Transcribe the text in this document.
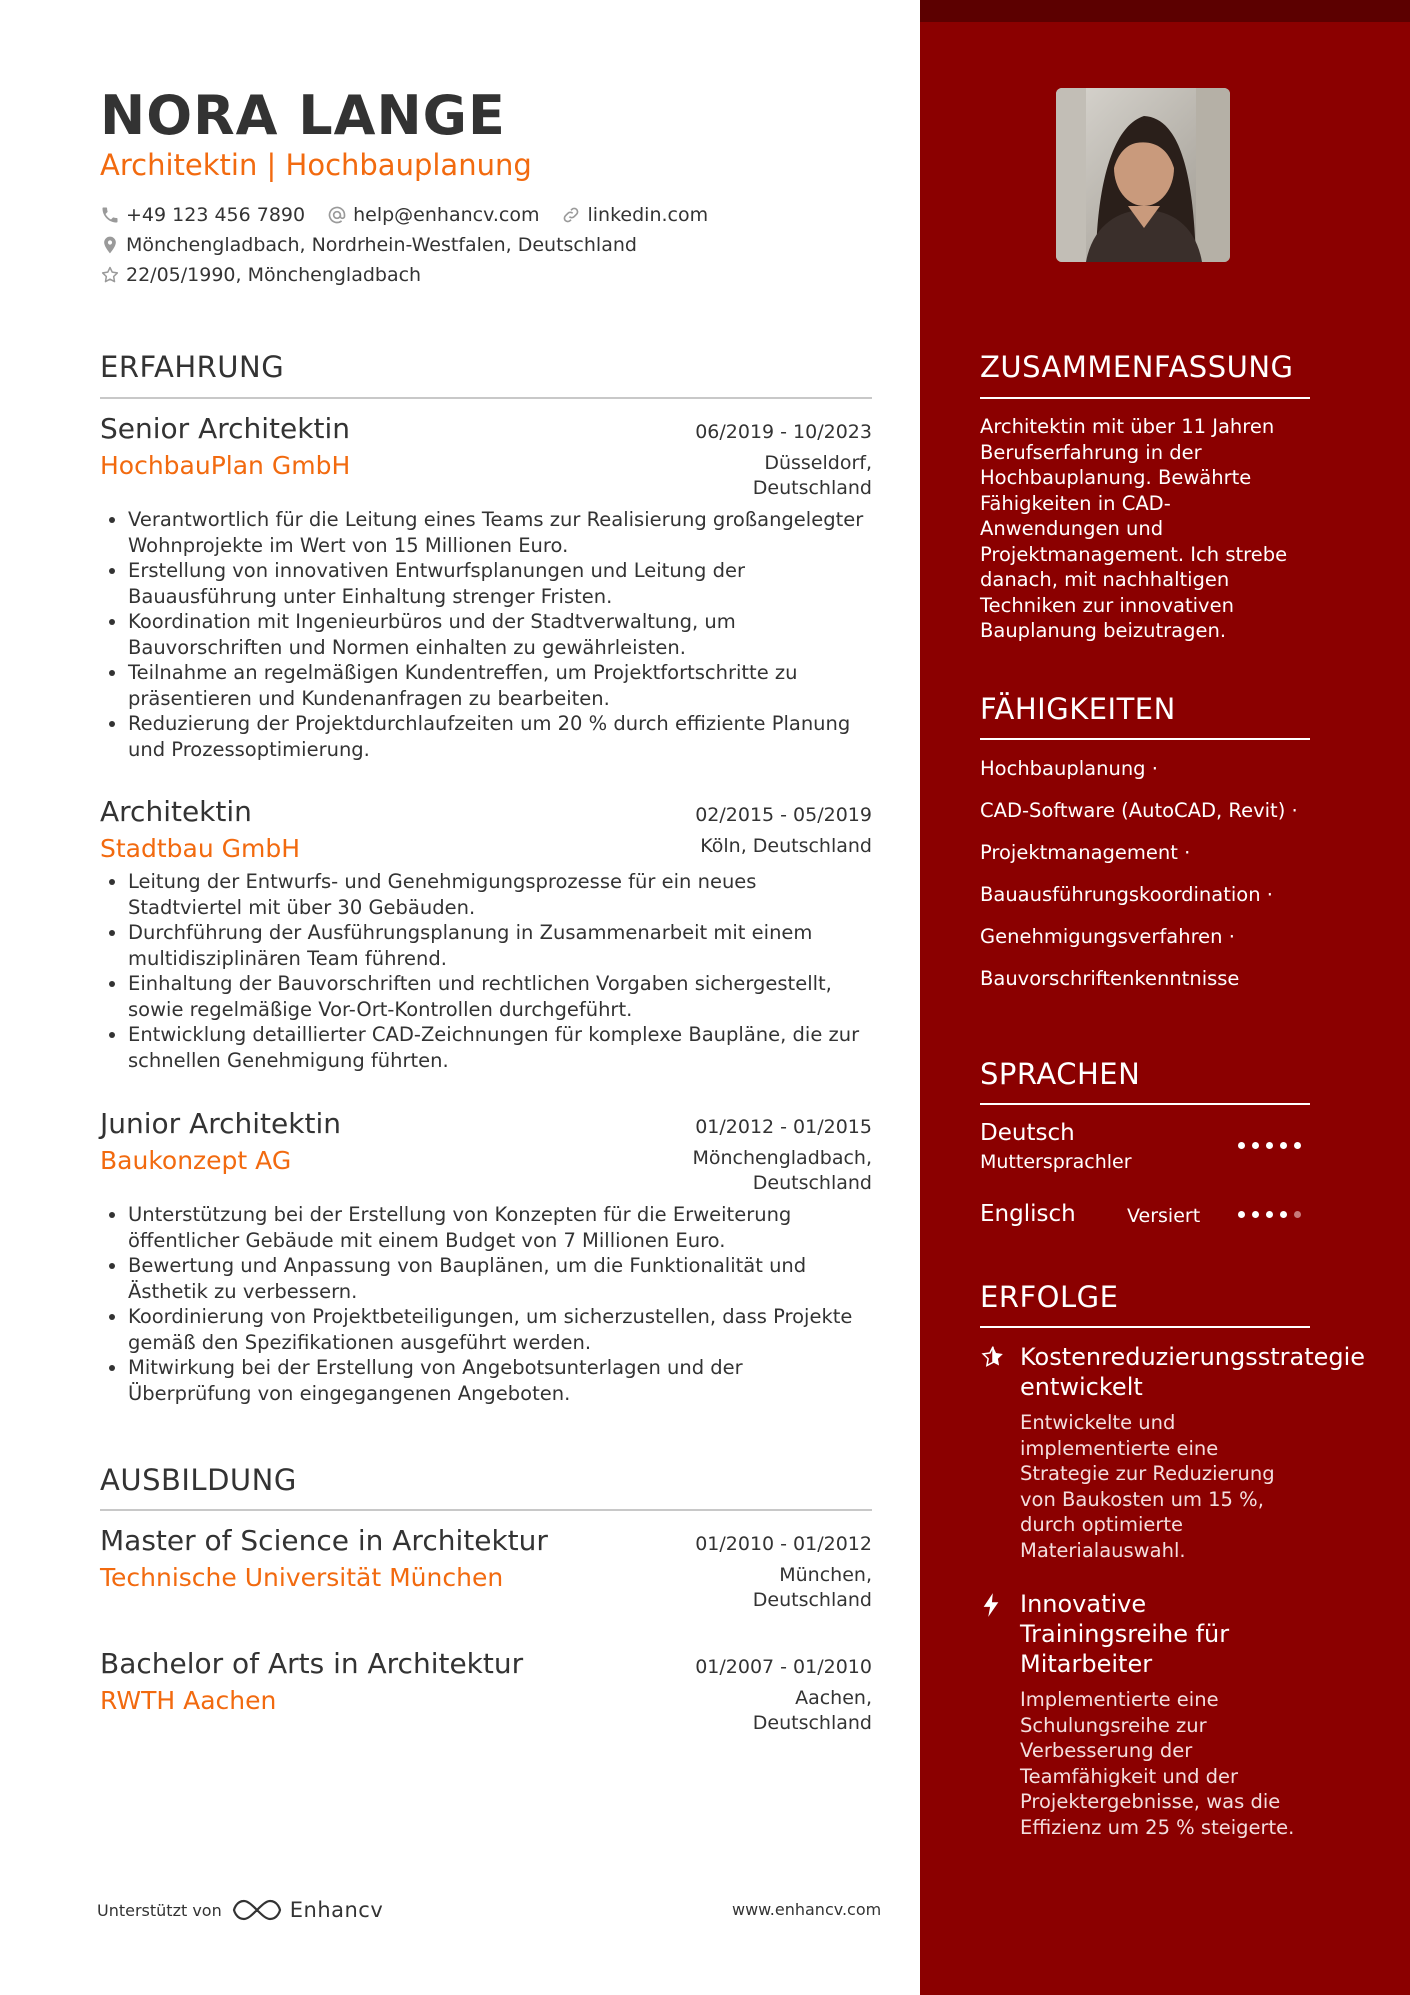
NORA LANGE
Architektin | Hochbauplanung
+49 123 456 7890	help@enhancv.com	linkedin.com
Mönchengladbach, Nordrhein-Westfalen, Deutschland
22/05/1990, Mönchengladbach
ERFAHRUNG
Senior Architektin	06/2019 - 10/2023
HochbauPlan GmbH	Düsseldorf,
Deutschland
• Verantwortlich für die Leitung eines Teams zur Realisierung großangelegter Wohnprojekte im Wert von 15 Millionen Euro.
• Erstellung von innovativen Entwurfsplanungen und Leitung der Bauausführung unter Einhaltung strenger Fristen.
• Koordination mit Ingenieurbüros und der Stadtverwaltung, um Bauvorschriften und Normen einhalten zu gewährleisten.
• Teilnahme an regelmäßigen Kundentreffen, um Projektfortschritte zu präsentieren und Kundenanfragen zu bearbeiten.
• Reduzierung der Projektdurchlaufzeiten um 20 % durch effiziente Planung und Prozessoptimierung.
Architektin	02/2015 - 05/2019
Stadtbau GmbH	Köln, Deutschland
• Leitung der Entwurfs- und Genehmigungsprozesse für ein neues Stadtviertel mit über 30 Gebäuden.
• Durchführung der Ausführungsplanung in Zusammenarbeit mit einem multidisziplinären Team führend.
• Einhaltung der Bauvorschriften und rechtlichen Vorgaben sichergestellt, sowie regelmäßige Vor-Ort-Kontrollen durchgeführt.
• Entwicklung detaillierter CAD-Zeichnungen für komplexe Baupläne, die zur schnellen Genehmigung führten.
Junior Architektin	01/2012 - 01/2015
Baukonzept AG	Mönchengladbach,
Deutschland
• Unterstützung bei der Erstellung von Konzepten für die Erweiterung öffentlicher Gebäude mit einem Budget von 7 Millionen Euro.
• Bewertung und Anpassung von Bauplänen, um die Funktionalität und Ästhetik zu verbessern.
• Koordinierung von Projektbeteiligungen, um sicherzustellen, dass Projekte gemäß den Spezifikationen ausgeführt werden.
• Mitwirkung bei der Erstellung von Angebotsunterlagen und der Überprüfung von eingegangenen Angeboten.
AUSBILDUNG
Master of Science in Architektur	01/2010 - 01/2012
Technische Universität München	München,
Deutschland
Bachelor of Arts in Architektur	01/2007 - 01/2010
RWTH Aachen	Aachen,
Deutschland
ZUSAMMENFASSUNG
Architektin mit über 11 Jahren Berufserfahrung in der Hochbauplanung. Bewährte Fähigkeiten in CAD-Anwendungen und Projektmanagement. Ich strebe danach, mit nachhaltigen Techniken zur innovativen Bauplanung beizutragen.
FÄHIGKEITEN
Hochbauplanung ·
CAD-Software (AutoCAD, Revit) ·
Projektmanagement ·
Bauausführungskoordination ·
Genehmigungsverfahren ·
Bauvorschriftenkenntnisse
SPRACHEN
Deutsch
Muttersprachler
Englisch	Versiert
ERFOLGE
Kostenreduzierungsstrategie entwickelt
Entwickelte und implementierte eine Strategie zur Reduzierung von Baukosten um 15 %, durch optimierte Materialauswahl.
Innovative Trainingsreihe für Mitarbeiter
Implementierte eine Schulungsreihe zur Verbesserung der Teamfähigkeit und der Projektergebnisse, was die Effizienz um 25 % steigerte.
Unterstützt von	Enhancv	www.enhancv.com
